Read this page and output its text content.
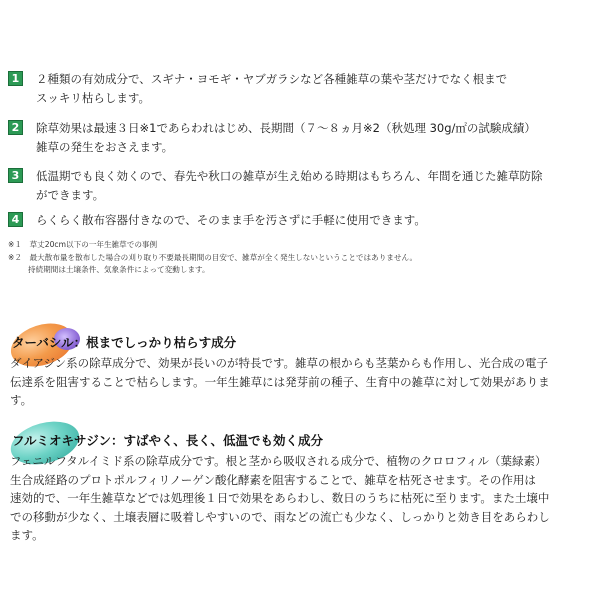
1	２種類の有効成分で、スギナ・ヨモギ・ヤブガラシなど各種雑草の葉や茎だけでなく根まで
スッキリ枯らします。
2	除草効果は最速３日※1であらわれはじめ、長期間（７～８ヵ月※2（秋処理 30g/㎡の試験成績）
雑草の発生をおさえます。
3	低温期でも良く効くので、春先や秋口の雑草が生え始める時期はもちろん、年間を通じた雑草防除
ができます。
4	らくらく散布容器付きなので、そのまま手を汚さずに手軽に使用できます。
※１　草丈20cm以下の一年生雑草での事例
※２　最大散布量を散布した場合の刈り取り不要最長期間の目安で、雑草が全く発生しないということではありません。
持続期間は土壌条件、気象条件によって変動します。
ターバシル：根までしっかり枯らす成分
ダイアジン系の除草成分で、効果が長いのが特長です。雑草の根からも茎葉からも作用し、光合成の電子
伝達系を阻害することで枯らします。一年生雑草には発芽前の種子、生育中の雑草に対して効果がありま
す。
フルミオキサジン：すばやく、長く、低温でも効く成分
フェニルフタルイミド系の除草成分です。根と茎から吸収される成分で、植物のクロロフィル（葉緑素）
生合成経路のプロトポルフィリノーゲン酸化酵素を阻害することで、雑草を枯死させます。その作用は
速効的で、一年生雑草などでは処理後１日で効果をあらわし、数日のうちに枯死に至ります。また土壌中
での移動が少なく、土壌表層に吸着しやすいので、雨などの流亡も少なく、しっかりと効き目をあらわし
ます。
